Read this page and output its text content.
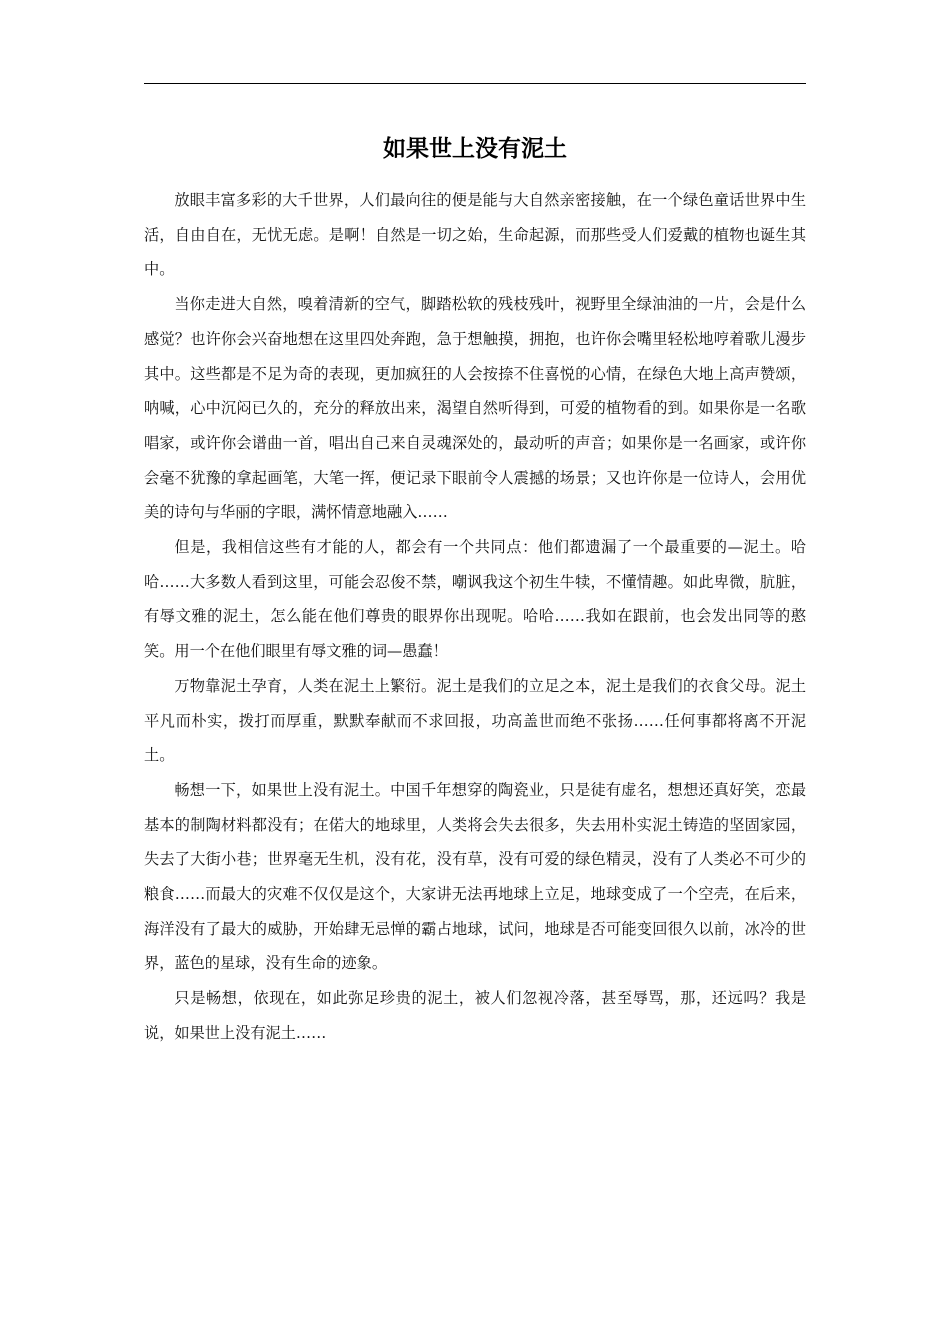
如果世上没有泥土

放眼丰富多彩的大千世界，人们最向往的便是能与大自然亲密接触，在一个绿色童话世界中生活，自由自在，无忧无虑。是啊！自然是一切之始，生命起源，而那些受人们爱戴的植物也诞生其中。

当你走进大自然，嗅着清新的空气，脚踏松软的残枝残叶，视野里全绿油油的一片，会是什么感觉？也许你会兴奋地想在这里四处奔跑，急于想触摸，拥抱，也许你会嘴里轻松地哼着歌儿漫步其中。这些都是不足为奇的表现，更加疯狂的人会按捺不住喜悦的心情，在绿色大地上高声赞颂，呐喊，心中沉闷已久的，充分的释放出来，渴望自然听得到，可爱的植物看的到。如果你是一名歌唱家，或许你会谱曲一首，唱出自己来自灵魂深处的，最动听的声音；如果你是一名画家，或许你会毫不犹豫的拿起画笔，大笔一挥，便记录下眼前令人震撼的场景；又也许你是一位诗人，会用优美的诗句与华丽的字眼，满怀情意地融入……

但是，我相信这些有才能的人，都会有一个共同点：他们都遗漏了一个最重要的—泥土。哈哈……大多数人看到这里，可能会忍俊不禁，嘲讽我这个初生牛犊，不懂情趣。如此卑微，肮脏，有辱文雅的泥土，怎么能在他们尊贵的眼界你出现呢。哈哈……我如在跟前，也会发出同等的憨笑。用一个在他们眼里有辱文雅的词—愚蠢！

万物靠泥土孕育，人类在泥土上繁衍。泥土是我们的立足之本，泥土是我们的衣食父母。泥土平凡而朴实，拨打而厚重，默默奉献而不求回报，功高盖世而绝不张扬……任何事都将离不开泥土。

畅想一下，如果世上没有泥土。中国千年想穿的陶瓷业，只是徒有虚名，想想还真好笑，恋最基本的制陶材料都没有；在偌大的地球里，人类将会失去很多，失去用朴实泥土铸造的坚固家园，失去了大街小巷；世界毫无生机，没有花，没有草，没有可爱的绿色精灵，没有了人类必不可少的粮食……而最大的灾难不仅仅是这个，大家讲无法再地球上立足，地球变成了一个空壳，在后来，海洋没有了最大的威胁，开始肆无忌惮的霸占地球，试问，地球是否可能变回很久以前，冰冷的世界，蓝色的星球，没有生命的迹象。

只是畅想，依现在，如此弥足珍贵的泥土，被人们忽视冷落，甚至辱骂，那，还远吗？我是说，如果世上没有泥土……
